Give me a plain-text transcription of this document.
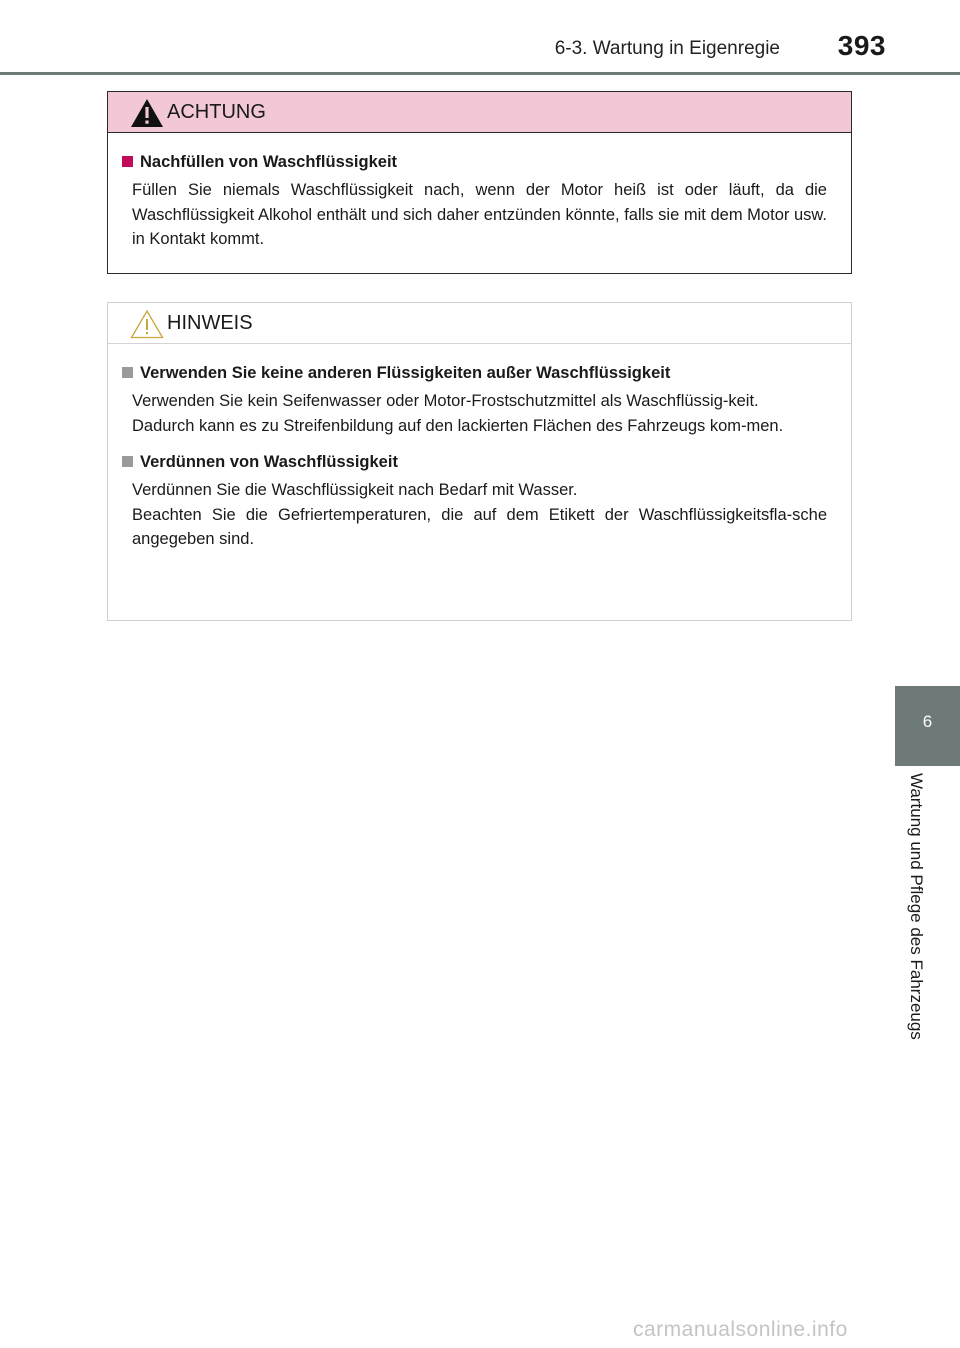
6-3. Wartung in Eigenregie 393
ACHTUNG
Nachfüllen von Waschflüssigkeit

Füllen Sie niemals Waschflüssigkeit nach, wenn der Motor heiß ist oder läuft, da die Waschflüssigkeit Alkohol enthält und sich daher entzünden könnte, falls sie mit dem Motor usw. in Kontakt kommt.

HINWEIS
Verwenden Sie keine anderen Flüssigkeiten außer Waschflüssigkeit

Verwenden Sie kein Seifenwasser oder Motor-Frostschutzmittel als Waschflüssig-keit.

Dadurch kann es zu Streifenbildung auf den lackierten Flächen des Fahrzeugs kom-men.

Verdünnen von Waschflüssigkeit

Verdünnen Sie die Waschflüssigkeit nach Bedarf mit Wasser.

Beachten Sie die Gefriertemperaturen, die auf dem Etikett der Waschflüssigkeitsfla-sche angegeben sind.

6
Wartung und Pflege des Fahrzeugs
carmanualsonline.info
